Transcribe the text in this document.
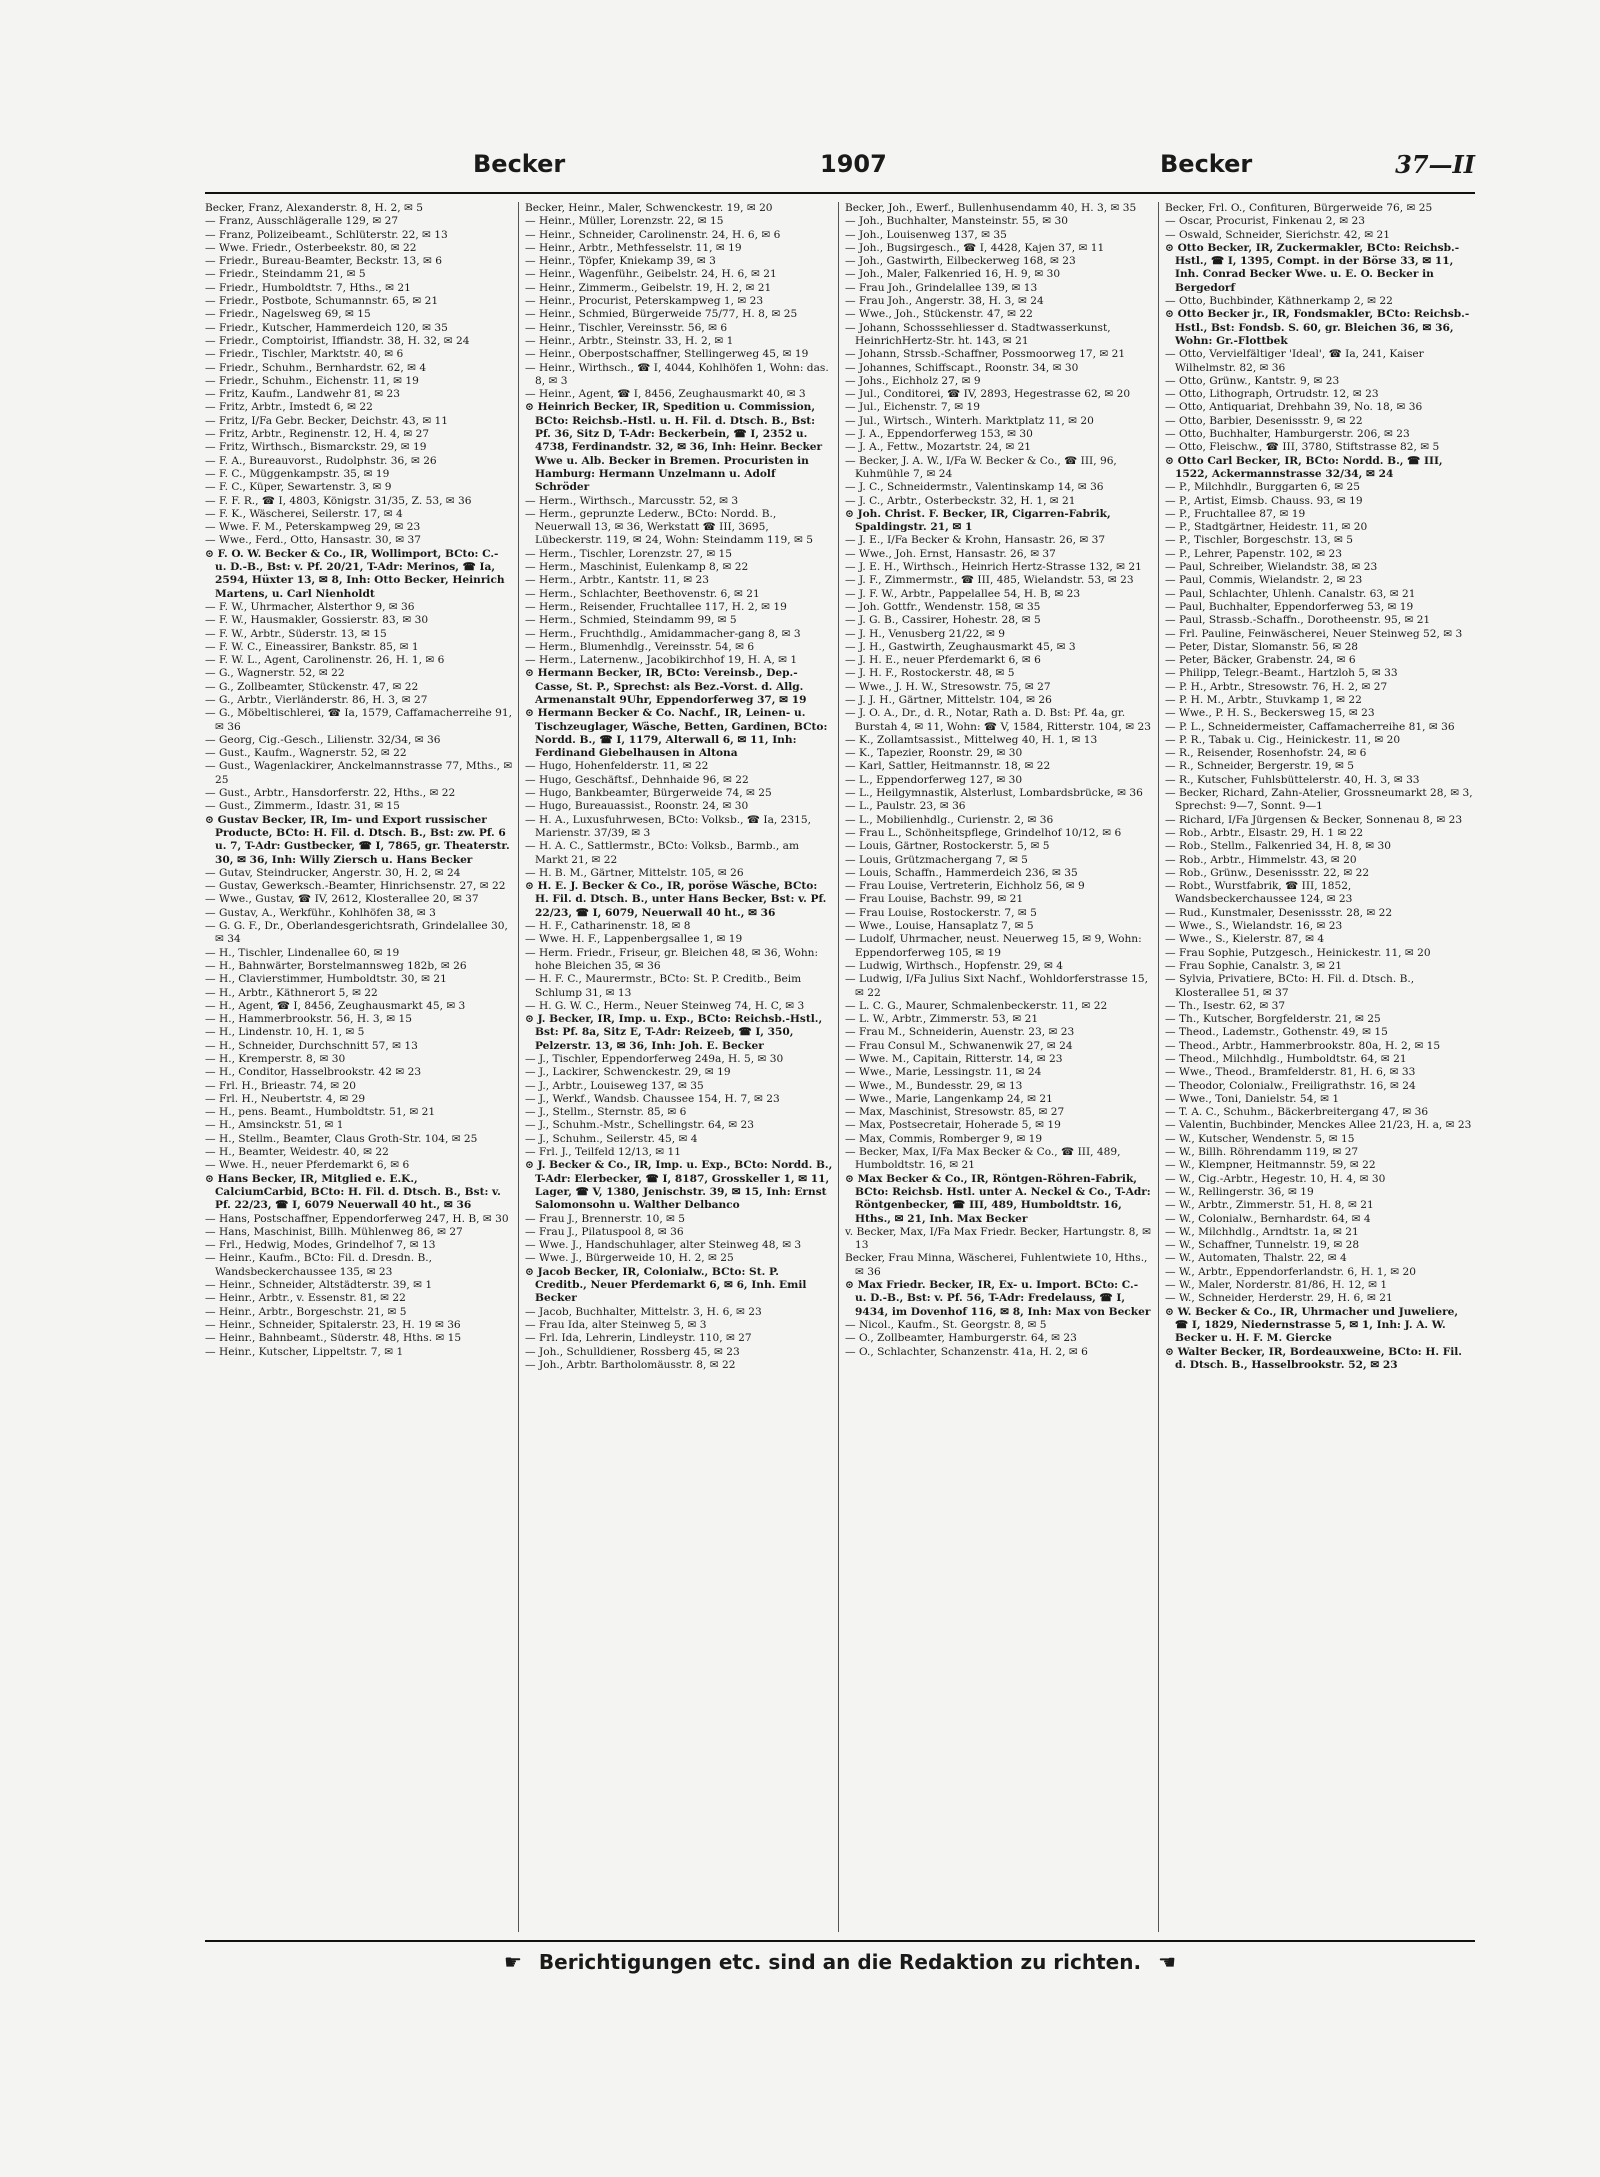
Becker	1907	Becker	37—II

Becker, Franz, Alexanderstr. 8, H. 2, ✉ 5

— Franz, Ausschlägeralle 129, ✉ 27

— Franz, Polizeibeamt., Schlüterstr. 22, ✉ 13

— Wwe. Friedr., Osterbeekstr. 80, ✉ 22

— Friedr., Bureau-Beamter, Beckstr. 13, ✉ 6

— Friedr., Steindamm 21, ✉ 5

— Friedr., Humboldtstr. 7, Hths., ✉ 21

— Friedr., Postbote, Schumannstr. 65, ✉ 21

— Friedr., Nagelsweg 69, ✉ 15

— Friedr., Kutscher, Hammerdeich 120, ✉ 35

— Friedr., Comptoirist, Iffiandstr. 38, H. 32, ✉ 24

— Friedr., Tischler, Marktstr. 40, ✉ 6

— Friedr., Schuhm., Bernhardstr. 62, ✉ 4

— Friedr., Schuhm., Eichenstr. 11, ✉ 19

— Fritz, Kaufm., Landwehr 81, ✉ 23

— Fritz, Arbtr., Imstedt 6, ✉ 22

— Fritz, I/Fa Gebr. Becker, Deichstr. 43, ✉ 11

— Fritz, Arbtr., Reginenstr. 12, H. 4, ✉ 27

— Fritz, Wirthsch., Bismarckstr. 29, ✉ 19

— F. A., Bureauvorst., Rudolphstr. 36, ✉ 26

— F. C., Müggenkampstr. 35, ✉ 19

— F. C., Küper, Sewartenstr. 3, ✉ 9

— F. F. R., ☎ I, 4803, Königstr. 31/35, Z. 53, ✉ 36

— F. K., Wäscherei, Seilerstr. 17, ✉ 4

— Wwe. F. M., Peterskampweg 29, ✉ 23

— Wwe., Ferd., Otto, Hansastr. 30, ✉ 37

⊙ F. O. W. Becker & Co., IR, Wollimport, BCto: C.- u. D.-B., Bst: v. Pf. 20/21, T-Adr: Merinos, ☎ Ia, 2594, Hüxter 13, ✉ 8, Inh: Otto Becker, Heinrich Martens, u. Carl Nienholdt

— F. W., Uhrmacher, Alsterthor 9, ✉ 36

— F. W., Hausmakler, Gossierstr. 83, ✉ 30

— F. W., Arbtr., Süderstr. 13, ✉ 15

— F. W. C., Eineassirer, Bankstr. 85, ✉ 1

— F. W. L., Agent, Carolinenstr. 26, H. 1, ✉ 6

— G., Wagnerstr. 52, ✉ 22

— G., Zollbeamter, Stückenstr. 47, ✉ 22

— G., Arbtr., Vierländerstr. 86, H. 3, ✉ 27

— G., Möbeltischlerei, ☎ Ia, 1579, Caffamacherreihe 91, ✉ 36

— Georg, Cig.-Gesch., Lilienstr. 32/34, ✉ 36

— Gust., Kaufm., Wagnerstr. 52, ✉ 22

— Gust., Wagenlackirer, Anckelmannstrasse 77, Mths., ✉ 25

— Gust., Arbtr., Hansdorferstr. 22, Hths., ✉ 22

— Gust., Zimmerm., Idastr. 31, ✉ 15

⊙ Gustav Becker, IR, Im- und Export russischer Producte, BCto: H. Fil. d. Dtsch. B., Bst: zw. Pf. 6 u. 7, T-Adr: Gustbecker, ☎ I, 7865, gr. Theaterstr. 30, ✉ 36, Inh: Willy Ziersch u. Hans Becker

— Gutav, Steindrucker, Angerstr. 30, H. 2, ✉ 24

— Gustav, Gewerksch.-Beamter, Hinrichsenstr. 27, ✉ 22

— Wwe., Gustav, ☎ IV, 2612, Klosterallee 20, ✉ 37

— Gustav, A., Werkführ., Kohlhöfen 38, ✉ 3

— G. G. F., Dr., Oberlandesgerichtsrath, Grindelallee 30, ✉ 34

— H., Tischler, Lindenallee 60, ✉ 19

— H., Bahnwärter, Borstelmannsweg 182b, ✉ 26

— H., Clavierstimmer, Humboldtstr. 30, ✉ 21

— H., Arbtr., Käthnerort 5, ✉ 22

— H., Agent, ☎ I, 8456, Zeughausmarkt 45, ✉ 3

— H., Hammerbrookstr. 56, H. 3, ✉ 15

— H., Lindenstr. 10, H. 1, ✉ 5

— H., Schneider, Durchschnitt 57, ✉ 13

— H., Kremperstr. 8, ✉ 30

— H., Conditor, Hasselbrookstr. 42 ✉ 23

— Frl. H., Brieastr. 74, ✉ 20

— Frl. H., Neubertstr. 4, ✉ 29

— H., pens. Beamt., Humboldtstr. 51, ✉ 21

— H., Amsinckstr. 51, ✉ 1

— H., Stellm., Beamter, Claus Groth-Str. 104, ✉ 25

— H., Beamter, Weidestr. 40, ✉ 22

— Wwe. H., neuer Pferdemarkt 6, ✉ 6

⊙ Hans Becker, IR, Mitglied e. E.K., CalciumCarbid, BCto: H. Fil. d. Dtsch. B., Bst: v. Pf. 22/23, ☎ I, 6079 Neuerwall 40 ht., ✉ 36

— Hans, Postschaffner, Eppendorferweg 247, H. B, ✉ 30

— Hans, Maschinist, Billh. Mühlenweg 86, ✉ 27

— Frl., Hedwig, Modes, Grindelhof 7, ✉ 13

— Heinr., Kaufm., BCto: Fil. d. Dresdn. B., Wandsbeckerchaussee 135, ✉ 23

— Heinr., Schneider, Altstädterstr. 39, ✉ 1

— Heinr., Arbtr., v. Essenstr. 81, ✉ 22

— Heinr., Arbtr., Borgeschstr. 21, ✉ 5

— Heinr., Schneider, Spitalerstr. 23, H. 19 ✉ 36

— Heinr., Bahnbeamt., Süderstr. 48, Hths. ✉ 15

— Heinr., Kutscher, Lippeltstr. 7, ✉ 1

Becker, Heinr., Maler, Schwenckestr. 19, ✉ 20

— Heinr., Müller, Lorenzstr. 22, ✉ 15

— Heinr., Schneider, Carolinenstr. 24, H. 6, ✉ 6

— Heinr., Arbtr., Methfesselstr. 11, ✉ 19

— Heinr., Töpfer, Kniekamp 39, ✉ 3

— Heinr., Wagenführ., Geibelstr. 24, H. 6, ✉ 21

— Heinr., Zimmerm., Geibelstr. 19, H. 2, ✉ 21

— Heinr., Procurist, Peterskampweg 1, ✉ 23

— Heinr., Schmied, Bürgerweide 75/77, H. 8, ✉ 25

— Heinr., Tischler, Vereinsstr. 56, ✉ 6

— Heinr., Arbtr., Steinstr. 33, H. 2, ✉ 1

— Heinr., Oberpostschaffner, Stellingerweg 45, ✉ 19

— Heinr., Wirthsch., ☎ I, 4044, Kohlhöfen 1, Wohn: das. 8, ✉ 3

— Heinr., Agent, ☎ I, 8456, Zeughausmarkt 40, ✉ 3

⊙ Heinrich Becker, IR, Spedition u. Commission, BCto: Reichsb.-Hstl. u. H. Fil. d. Dtsch. B., Bst: Pf. 36, Sitz D, T-Adr: Beckerbein, ☎ I, 2352 u. 4738, Ferdinandstr. 32, ✉ 36, Inh: Heinr. Becker Wwe u. Alb. Becker in Bremen. Procuristen in Hamburg: Hermann Unzelmann u. Adolf Schröder

— Herm., Wirthsch., Marcusstr. 52, ✉ 3

— Herm., geprunzte Lederw., BCto: Nordd. B., Neuerwall 13, ✉ 36, Werkstatt ☎ III, 3695, Lübeckerstr. 119, ✉ 24, Wohn: Steindamm 119, ✉ 5

— Herm., Tischler, Lorenzstr. 27, ✉ 15

— Herm., Maschinist, Eulenkamp 8, ✉ 22

— Herm., Arbtr., Kantstr. 11, ✉ 23

— Herm., Schlachter, Beethovenstr. 6, ✉ 21

— Herm., Reisender, Fruchtallee 117, H. 2, ✉ 19

— Herm., Schmied, Steindamm 99, ✉ 5

— Herm., Fruchthdlg., Amidammacher-gang 8, ✉ 3

— Herm., Blumenhdlg., Vereinsstr. 54, ✉ 6

— Herm., Laternenw., Jacobikirchhof 19, H. A, ✉ 1

⊙ Hermann Becker, IR, BCto: Vereinsb., Dep.-Casse, St. P., Sprechst: als Bez.-Vorst. d. Allg. Armenanstalt 9Uhr, Eppendorferweg 37, ✉ 19

⊙ Hermann Becker & Co. Nachf., IR, Leinen- u. Tischzeuglager, Wäsche, Betten, Gardinen, BCto: Nordd. B., ☎ I, 1179, Alterwall 6, ✉ 11, Inh: Ferdinand Giebelhausen in Altona

— Hugo, Hohenfelderstr. 11, ✉ 22

— Hugo, Geschäftsf., Dehnhaide 96, ✉ 22

— Hugo, Bankbeamter, Bürgerweide 74, ✉ 25

— Hugo, Bureauassist., Roonstr. 24, ✉ 30

— H. A., Luxusfuhrwesen, BCto: Volksb., ☎ Ia, 2315, Marienstr. 37/39, ✉ 3

— H. A. C., Sattlermstr., BCto: Volksb., Barmb., am Markt 21, ✉ 22

— H. B. M., Gärtner, Mittelstr. 105, ✉ 26

⊙ H. E. J. Becker & Co., IR, poröse Wäsche, BCto: H. Fil. d. Dtsch. B., unter Hans Becker, Bst: v. Pf. 22/23, ☎ I, 6079, Neuerwall 40 ht., ✉ 36

— H. F., Catharinenstr. 18, ✉ 8

— Wwe. H. F., Lappenbergsallee 1, ✉ 19

— Herm. Friedr., Friseur, gr. Bleichen 48, ✉ 36, Wohn: hohe Bleichen 35, ✉ 36

— H. F. C., Maurermstr., BCto: St. P. Creditb., Beim Schlump 31, ✉ 13

— H. G. W. C., Herm., Neuer Steinweg 74, H. C, ✉ 3

⊙ J. Becker, IR, Imp. u. Exp., BCto: Reichsb.-Hstl., Bst: Pf. 8a, Sitz E, T-Adr: Reizeeb, ☎ I, 350, Pelzerstr. 13, ✉ 36, Inh: Joh. E. Becker

— J., Tischler, Eppendorferweg 249a, H. 5, ✉ 30

— J., Lackirer, Schwenckestr. 29, ✉ 19

— J., Arbtr., Louiseweg 137, ✉ 35

— J., Werkf., Wandsb. Chaussee 154, H. 7, ✉ 23

— J., Stellm., Sternstr. 85, ✉ 6

— J., Schuhm.-Mstr., Schellingstr. 64, ✉ 23

— J., Schuhm., Seilerstr. 45, ✉ 4

— Frl. J., Teilfeld 12/13, ✉ 11

⊙ J. Becker & Co., IR, Imp. u. Exp., BCto: Nordd. B., T-Adr: Elerbecker, ☎ I, 8187, Grosskeller 1, ✉ 11, Lager, ☎ V, 1380, Jenischstr. 39, ✉ 15, Inh: Ernst Salomonsohn u. Walther Delbanco

— Frau J., Brennerstr. 10, ✉ 5

— Frau J., Pilatuspool 8, ✉ 36

— Wwe. J., Handschuhlager, alter Steinweg 48, ✉ 3

— Wwe. J., Bürgerweide 10, H. 2, ✉ 25

⊙ Jacob Becker, IR, Colonialw., BCto: St. P. Creditb., Neuer Pferdemarkt 6, ✉ 6, Inh. Emil Becker

— Jacob, Buchhalter, Mittelstr. 3, H. 6, ✉ 23

— Frau Ida, alter Steinweg 5, ✉ 3

— Frl. Ida, Lehrerin, Lindleystr. 110, ✉ 27

— Joh., Schulldiener, Rossberg 45, ✉ 23

— Joh., Arbtr. Bartholomäusstr. 8, ✉ 22

Becker, Joh., Ewerf., Bullenhusendamm 40, H. 3, ✉ 35

— Joh., Buchhalter, Mansteinstr. 55, ✉ 30

— Joh., Louisenweg 137, ✉ 35

— Joh., Bugsirgesch., ☎ I, 4428, Kajen 37, ✉ 11

— Joh., Gastwirth, Eilbeckerweg 168, ✉ 23

— Joh., Maler, Falkenried 16, H. 9, ✉ 30

— Frau Joh., Grindelallee 139, ✉ 13

— Frau Joh., Angerstr. 38, H. 3, ✉ 24

— Wwe., Joh., Stückenstr. 47, ✉ 22

— Johann, Schosssehliesser d. Stadtwasserkunst, HeinrichHertz-Str. ht. 143, ✉ 21

— Johann, Strssb.-Schaffner, Possmoorweg 17, ✉ 21

— Johannes, Schiffscapt., Roonstr. 34, ✉ 30

— Johs., Eichholz 27, ✉ 9

— Jul., Conditorei, ☎ IV, 2893, Hegestrasse 62, ✉ 20

— Jul., Eichenstr. 7, ✉ 19

— Jul., Wirtsch., Winterh. Marktplatz 11, ✉ 20

— J. A., Eppendorferweg 153, ✉ 30

— J. A., Fettw., Mozartstr. 24, ✉ 21

— Becker, J. A. W., I/Fa W. Becker & Co., ☎ III, 96, Kuhmühle 7, ✉ 24

— J. C., Schneidermstr., Valentinskamp 14, ✉ 36

— J. C., Arbtr., Osterbeckstr. 32, H. 1, ✉ 21

⊙ Joh. Christ. F. Becker, IR, Cigarren-Fabrik, Spaldingstr. 21, ✉ 1

— J. E., I/Fa Becker & Krohn, Hansastr. 26, ✉ 37

— Wwe., Joh. Ernst, Hansastr. 26, ✉ 37

— J. E. H., Wirthsch., Heinrich Hertz-Strasse 132, ✉ 21

— J. F., Zimmermstr., ☎ III, 485, Wielandstr. 53, ✉ 23

— J. F. W., Arbtr., Pappelallee 54, H. B, ✉ 23

— Joh. Gottfr., Wendenstr. 158, ✉ 35

— J. G. B., Cassirer, Hohestr. 28, ✉ 5

— J. H., Venusberg 21/22, ✉ 9

— J. H., Gastwirth, Zeughausmarkt 45, ✉ 3

— J. H. E., neuer Pferdemarkt 6, ✉ 6

— J. H. F., Rostockerstr. 48, ✉ 5

— Wwe., J. H. W., Stresowstr. 75, ✉ 27

— J. J. H., Gärtner, Mittelstr. 104, ✉ 26

— J. O. A., Dr., d. R., Notar, Rath a. D. Bst: Pf. 4a, gr. Burstah 4, ✉ 11, Wohn: ☎ V, 1584, Ritterstr. 104, ✉ 23

— K., Zollamtsassist., Mittelweg 40, H. 1, ✉ 13

— K., Tapezier, Roonstr. 29, ✉ 30

— Karl, Sattler, Heitmannstr. 18, ✉ 22

— L., Eppendorferweg 127, ✉ 30

— L., Heilgymnastik, Alsterlust, Lombardsbrücke, ✉ 36

— L., Paulstr. 23, ✉ 36

— L., Mobilienhdlg., Curienstr. 2, ✉ 36

— Frau L., Schönheitspflege, Grindelhof 10/12, ✉ 6

— Louis, Gärtner, Rostockerstr. 5, ✉ 5

— Louis, Grützmachergang 7, ✉ 5

— Louis, Schaffn., Hammerdeich 236, ✉ 35

— Frau Louise, Vertreterin, Eichholz 56, ✉ 9

— Frau Louise, Bachstr. 99, ✉ 21

— Frau Louise, Rostockerstr. 7, ✉ 5

— Wwe., Louise, Hansaplatz 7, ✉ 5

— Ludolf, Uhrmacher, neust. Neuerweg 15, ✉ 9, Wohn: Eppendorferweg 105, ✉ 19

— Ludwig, Wirthsch., Hopfenstr. 29, ✉ 4

— Ludwig, I/Fa Julius Sixt Nachf., Wohldorferstrasse 15, ✉ 22

— L. C. G., Maurer, Schmalenbeckerstr. 11, ✉ 22

— L. W., Arbtr., Zimmerstr. 53, ✉ 21

— Frau M., Schneiderin, Auenstr. 23, ✉ 23

— Frau Consul M., Schwanenwik 27, ✉ 24

— Wwe. M., Capitain, Ritterstr. 14, ✉ 23

— Wwe., Marie, Lessingstr. 11, ✉ 24

— Wwe., M., Bundesstr. 29, ✉ 13

— Wwe., Marie, Langenkamp 24, ✉ 21

— Max, Maschinist, Stresowstr. 85, ✉ 27

— Max, Postsecretair, Hoherade 5, ✉ 19

— Max, Commis, Romberger 9, ✉ 19

— Becker, Max, I/Fa Max Becker & Co., ☎ III, 489, Humboldtstr. 16, ✉ 21

⊙ Max Becker & Co., IR, Röntgen-Röhren-Fabrik, BCto: Reichsb. Hstl. unter A. Neckel & Co., T-Adr: Röntgenbecker, ☎ III, 489, Humboldtstr. 16, Hths., ✉ 21, Inh. Max Becker

v. Becker, Max, I/Fa Max Friedr. Becker, Hartungstr. 8, ✉ 13

Becker, Frau Minna, Wäscherei, Fuhlentwiete 10, Hths., ✉ 36

⊙ Max Friedr. Becker, IR, Ex- u. Import. BCto: C.- u. D.-B., Bst: v. Pf. 56, T-Adr: Fredelauss, ☎ I, 9434, im Dovenhof 116, ✉ 8, Inh: Max von Becker

— Nicol., Kaufm., St. Georgstr. 8, ✉ 5

— O., Zollbeamter, Hamburgerstr. 64, ✉ 23

— O., Schlachter, Schanzenstr. 41a, H. 2, ✉ 6

Becker, Frl. O., Confituren, Bürgerweide 76, ✉ 25

— Oscar, Procurist, Finkenau 2, ✉ 23

— Oswald, Schneider, Sierichstr. 42, ✉ 21

⊙ Otto Becker, IR, Zuckermakler, BCto: Reichsb.-Hstl., ☎ I, 1395, Compt. in der Börse 33, ✉ 11, Inh. Conrad Becker Wwe. u. E. O. Becker in Bergedorf

— Otto, Buchbinder, Käthnerkamp 2, ✉ 22

⊙ Otto Becker jr., IR, Fondsmakler, BCto: Reichsb.-Hstl., Bst: Fondsb. S. 60, gr. Bleichen 36, ✉ 36, Wohn: Gr.-Flottbek

— Otto, Vervielfältiger 'Ideal', ☎ Ia, 241, Kaiser Wilhelmstr. 82, ✉ 36

— Otto, Grünw., Kantstr. 9, ✉ 23

— Otto, Lithograph, Ortrudstr. 12, ✉ 23

— Otto, Antiquariat, Drehbahn 39, No. 18, ✉ 36

— Otto, Barbier, Desenissstr. 9, ✉ 22

— Otto, Buchhalter, Hamburgerstr. 206, ✉ 23

— Otto, Fleischw., ☎ III, 3780, Stiftstrasse 82, ✉ 5

⊙ Otto Carl Becker, IR, BCto: Nordd. B., ☎ III, 1522, Ackermannstrasse 32/34, ✉ 24

— P., Milchhdlr., Burggarten 6, ✉ 25

— P., Artist, Eimsb. Chauss. 93, ✉ 19

— P., Fruchtallee 87, ✉ 19

— P., Stadtgärtner, Heidestr. 11, ✉ 20

— P., Tischler, Borgeschstr. 13, ✉ 5

— P., Lehrer, Papenstr. 102, ✉ 23

— Paul, Schreiber, Wielandstr. 38, ✉ 23

— Paul, Commis, Wielandstr. 2, ✉ 23

— Paul, Schlachter, Uhlenh. Canalstr. 63, ✉ 21

— Paul, Buchhalter, Eppendorferweg 53, ✉ 19

— Paul, Strassb.-Schaffn., Dorotheenstr. 95, ✉ 21

— Frl. Pauline, Feinwäscherei, Neuer Steinweg 52, ✉ 3

— Peter, Distar, Slomanstr. 56, ✉ 28

— Peter, Bäcker, Grabenstr. 24, ✉ 6

— Philipp, Telegr.-Beamt., Hartzloh 5, ✉ 33

— P. H., Arbtr., Stresowstr. 76, H. 2, ✉ 27

— P. H. M., Arbtr., Stuvkamp 1, ✉ 22

— Wwe., P. H. S., Beckersweg 15, ✉ 23

— P. L., Schneidermeister, Caffamacherreihe 81, ✉ 36

— P. R., Tabak u. Cig., Heinickestr. 11, ✉ 20

— R., Reisender, Rosenhofstr. 24, ✉ 6

— R., Schneider, Bergerstr. 19, ✉ 5

— R., Kutscher, Fuhlsbüttelerstr. 40, H. 3, ✉ 33

— Becker, Richard, Zahn-Atelier, Grossneumarkt 28, ✉ 3, Sprechst: 9—7, Sonnt. 9—1

— Richard, I/Fa Jürgensen & Becker, Sonnenau 8, ✉ 23

— Rob., Arbtr., Elsastr. 29, H. 1 ✉ 22

— Rob., Stellm., Falkenried 34, H. 8, ✉ 30

— Rob., Arbtr., Himmelstr. 43, ✉ 20

— Rob., Grünw., Desenissstr. 22, ✉ 22

— Robt., Wurstfabrik, ☎ III, 1852, Wandsbeckerchaussee 124, ✉ 23

— Rud., Kunstmaler, Desenissstr. 28, ✉ 22

— Wwe., S., Wielandstr. 16, ✉ 23

— Wwe., S., Kielerstr. 87, ✉ 4

— Frau Sophie, Putzgesch., Heinickestr. 11, ✉ 20

— Frau Sophie, Canalstr. 3, ✉ 21

— Sylvia, Privatiere, BCto: H. Fil. d. Dtsch. B., Klosterallee 51, ✉ 37

— Th., Isestr. 62, ✉ 37

— Th., Kutscher, Borgfelderstr. 21, ✉ 25

— Theod., Lademstr., Gothenstr. 49, ✉ 15

— Theod., Arbtr., Hammerbrookstr. 80a, H. 2, ✉ 15

— Theod., Milchhdlg., Humboldtstr. 64, ✉ 21

— Wwe., Theod., Bramfelderstr. 81, H. 6, ✉ 33

— Theodor, Colonialw., Freiligrathstr. 16, ✉ 24

— Wwe., Toni, Danielstr. 54, ✉ 1

— T. A. C., Schuhm., Bäckerbreitergang 47, ✉ 36

— Valentin, Buchbinder, Menckes Allee 21/23, H. a, ✉ 23

— W., Kutscher, Wendenstr. 5, ✉ 15

— W., Billh. Röhrendamm 119, ✉ 27

— W., Klempner, Heitmannstr. 59, ✉ 22

— W., Cig.-Arbtr., Hegestr. 10, H. 4, ✉ 30

— W., Rellingerstr. 36, ✉ 19

— W., Arbtr., Zimmerstr. 51, H. 8, ✉ 21

— W., Colonialw., Bernhardstr. 64, ✉ 4

— W., Milchhdlg., Arndtstr. 1a, ✉ 21

— W., Schaffner, Tunnelstr. 19, ✉ 28

— W., Automaten, Thalstr. 22, ✉ 4

— W., Arbtr., Eppendorferlandstr. 6, H. 1, ✉ 20

— W., Maler, Norderstr. 81/86, H. 12, ✉ 1

— W., Schneider, Herderstr. 29, H. 6, ✉ 21

⊙ W. Becker & Co., IR, Uhrmacher und Juweliere, ☎ I, 1829, Niedernstrasse 5, ✉ 1, Inh: J. A. W. Becker u. H. F. M. Giercke

⊙ Walter Becker, IR, Bordeauxweine, BCto: H. Fil. d. Dtsch. B., Hasselbrookstr. 52, ✉ 23

☛ Berichtigungen etc. sind an die Redaktion zu richten. ☚
